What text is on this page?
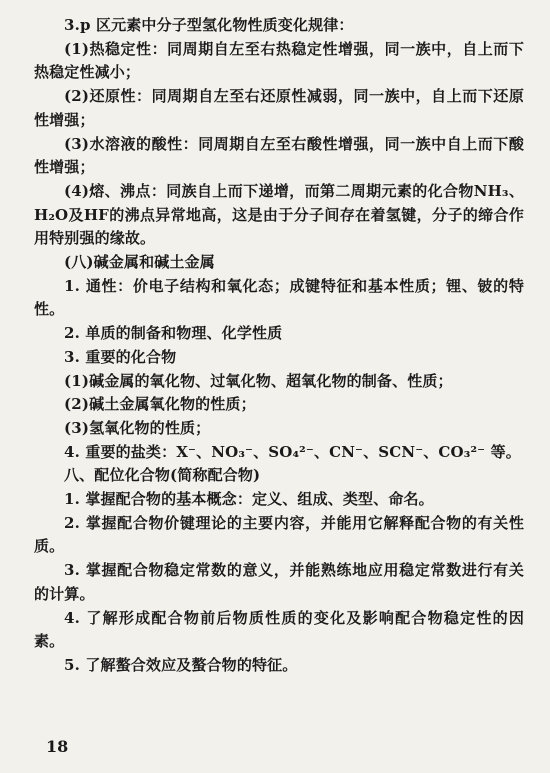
3.p 区元素中分子型氢化物性质变化规律：

(1)热稳定性：同周期自左至右热稳定性增强，同一族中，自上而下热稳定性减小；

(2)还原性：同周期自左至右还原性减弱，同一族中，自上而下还原性增强；

(3)水溶液的酸性：同周期自左至右酸性增强，同一族中自上而下酸性增强；

(4)熔、沸点：同族自上而下递增，而第二周期元素的化合物NH₃、H₂O及HF的沸点异常地高，这是由于分子间存在着氢键，分子的缔合作用特别强的缘故。

(八)碱金属和碱土金属

1. 通性：价电子结构和氧化态；成键特征和基本性质；锂、铍的特性。

2. 单质的制备和物理、化学性质

3. 重要的化合物

(1)碱金属的氧化物、过氧化物、超氧化物的制备、性质；

(2)碱土金属氧化物的性质；

(3)氢氧化物的性质；

4. 重要的盐类：X⁻、NO₃⁻、SO₄²⁻、CN⁻、SCN⁻、CO₃²⁻ 等。

八、配位化合物(简称配合物)

1. 掌握配合物的基本概念：定义、组成、类型、命名。

2. 掌握配合物价键理论的主要内容，并能用它解释配合物的有关性质。

3. 掌握配合物稳定常数的意义，并能熟练地应用稳定常数进行有关的计算。

4. 了解形成配合物前后物质性质的变化及影响配合物稳定性的因素。

5. 了解螯合效应及螯合物的特征。

18
